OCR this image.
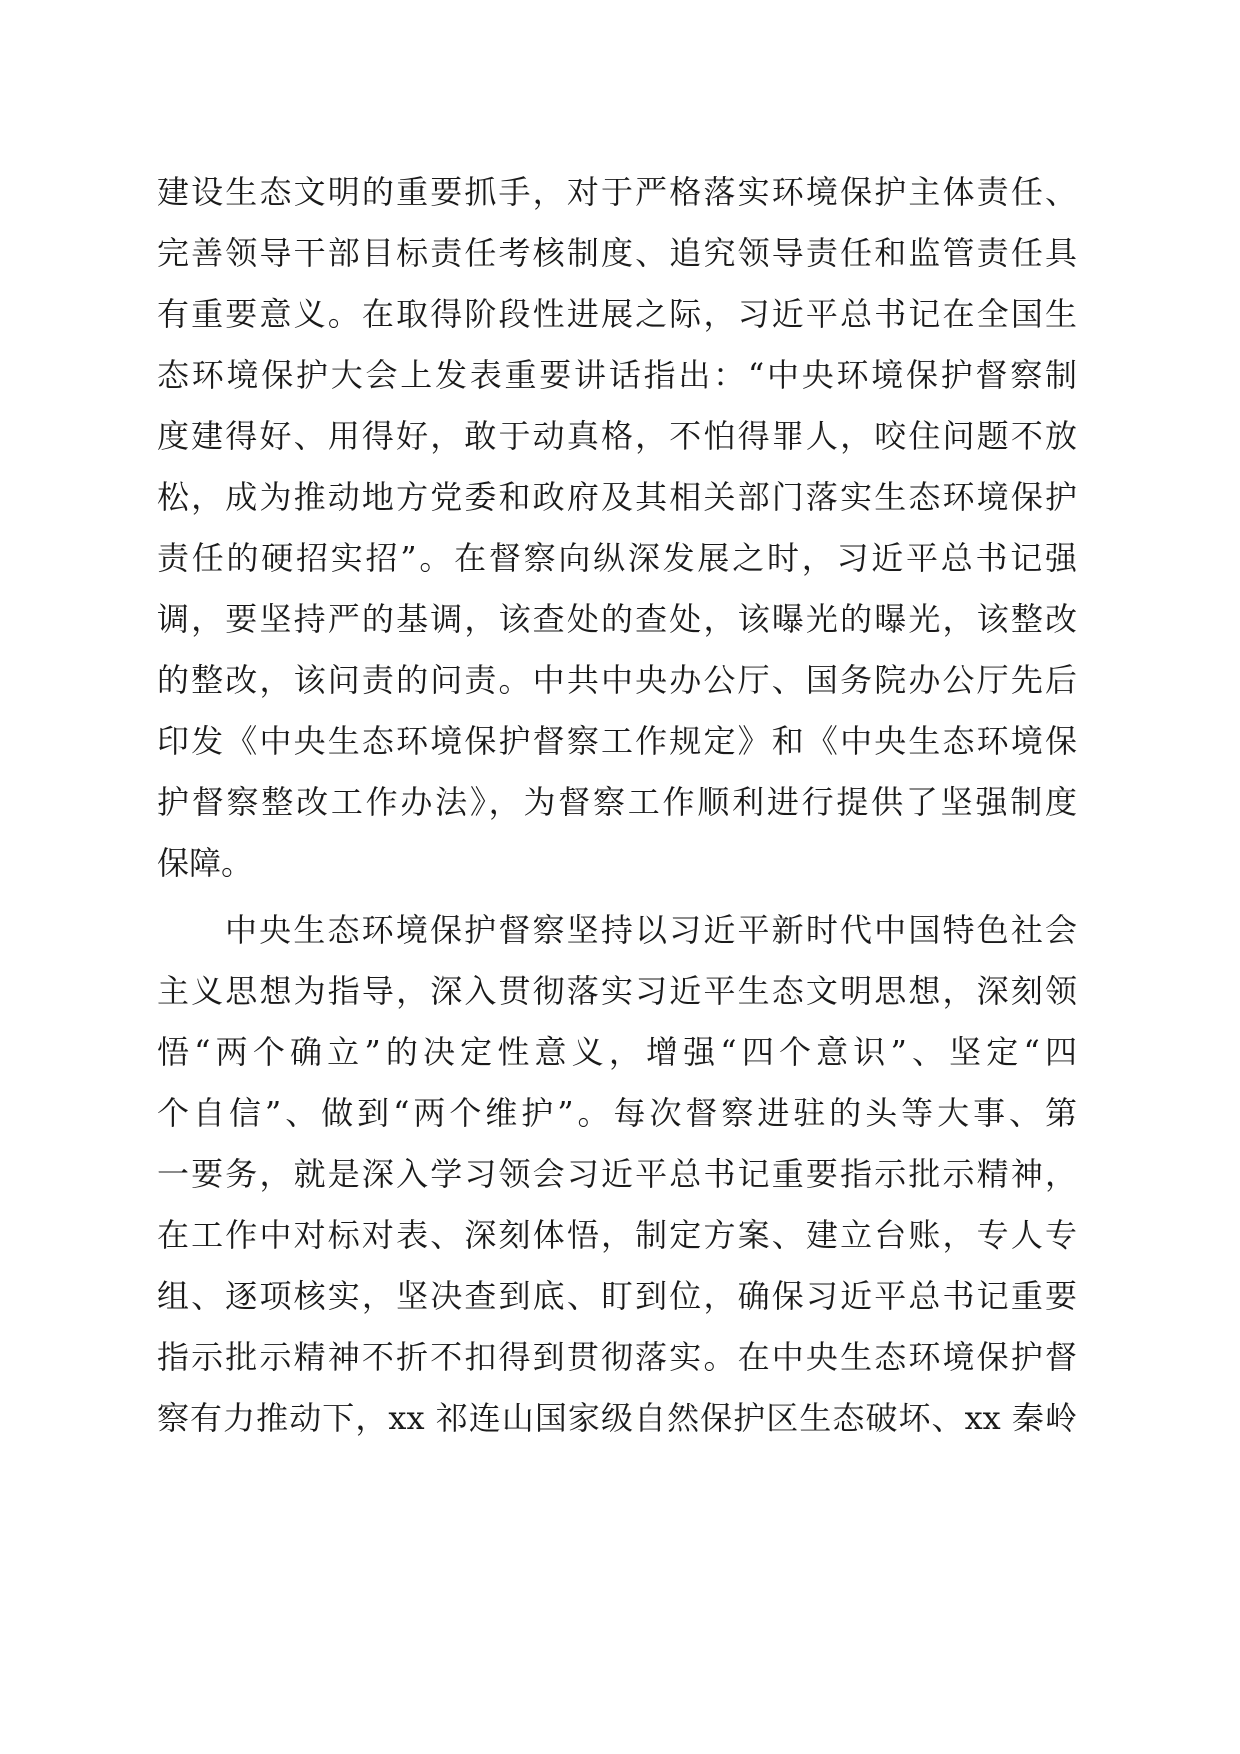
建设生态文明的重要抓手，对于严格落实环境保护主体责任、
完善领导干部目标责任考核制度、追究领导责任和监管责任具
有重要意义。在取得阶段性进展之际，习近平总书记在全国生
态环境保护大会上发表重要讲话指出：“中央环境保护督察制
度建得好、用得好，敢于动真格，不怕得罪人，咬住问题不放
松，成为推动地方党委和政府及其相关部门落实生态环境保护
责任的硬招实招”。在督察向纵深发展之时，习近平总书记强
调，要坚持严的基调，该查处的查处，该曝光的曝光，该整改
的整改，该问责的问责。中共中央办公厅、国务院办公厅先后
印发《中央生态环境保护督察工作规定》和《中央生态环境保
护督察整改工作办法》，为督察工作顺利进行提供了坚强制度
保障。
中央生态环境保护督察坚持以习近平新时代中国特色社会
主义思想为指导，深入贯彻落实习近平生态文明思想，深刻领
悟“两个确立”的决定性意义，增强“四个意识”、坚定“四
个自信”、做到“两个维护”。每次督察进驻的头等大事、第
一要务，就是深入学习领会习近平总书记重要指示批示精神，
在工作中对标对表、深刻体悟，制定方案、建立台账，专人专
组、逐项核实，坚决查到底、盯到位，确保习近平总书记重要
指示批示精神不折不扣得到贯彻落实。在中央生态环境保护督
察有力推动下，xx 祁连山国家级自然保护区生态破坏、xx 秦岭
